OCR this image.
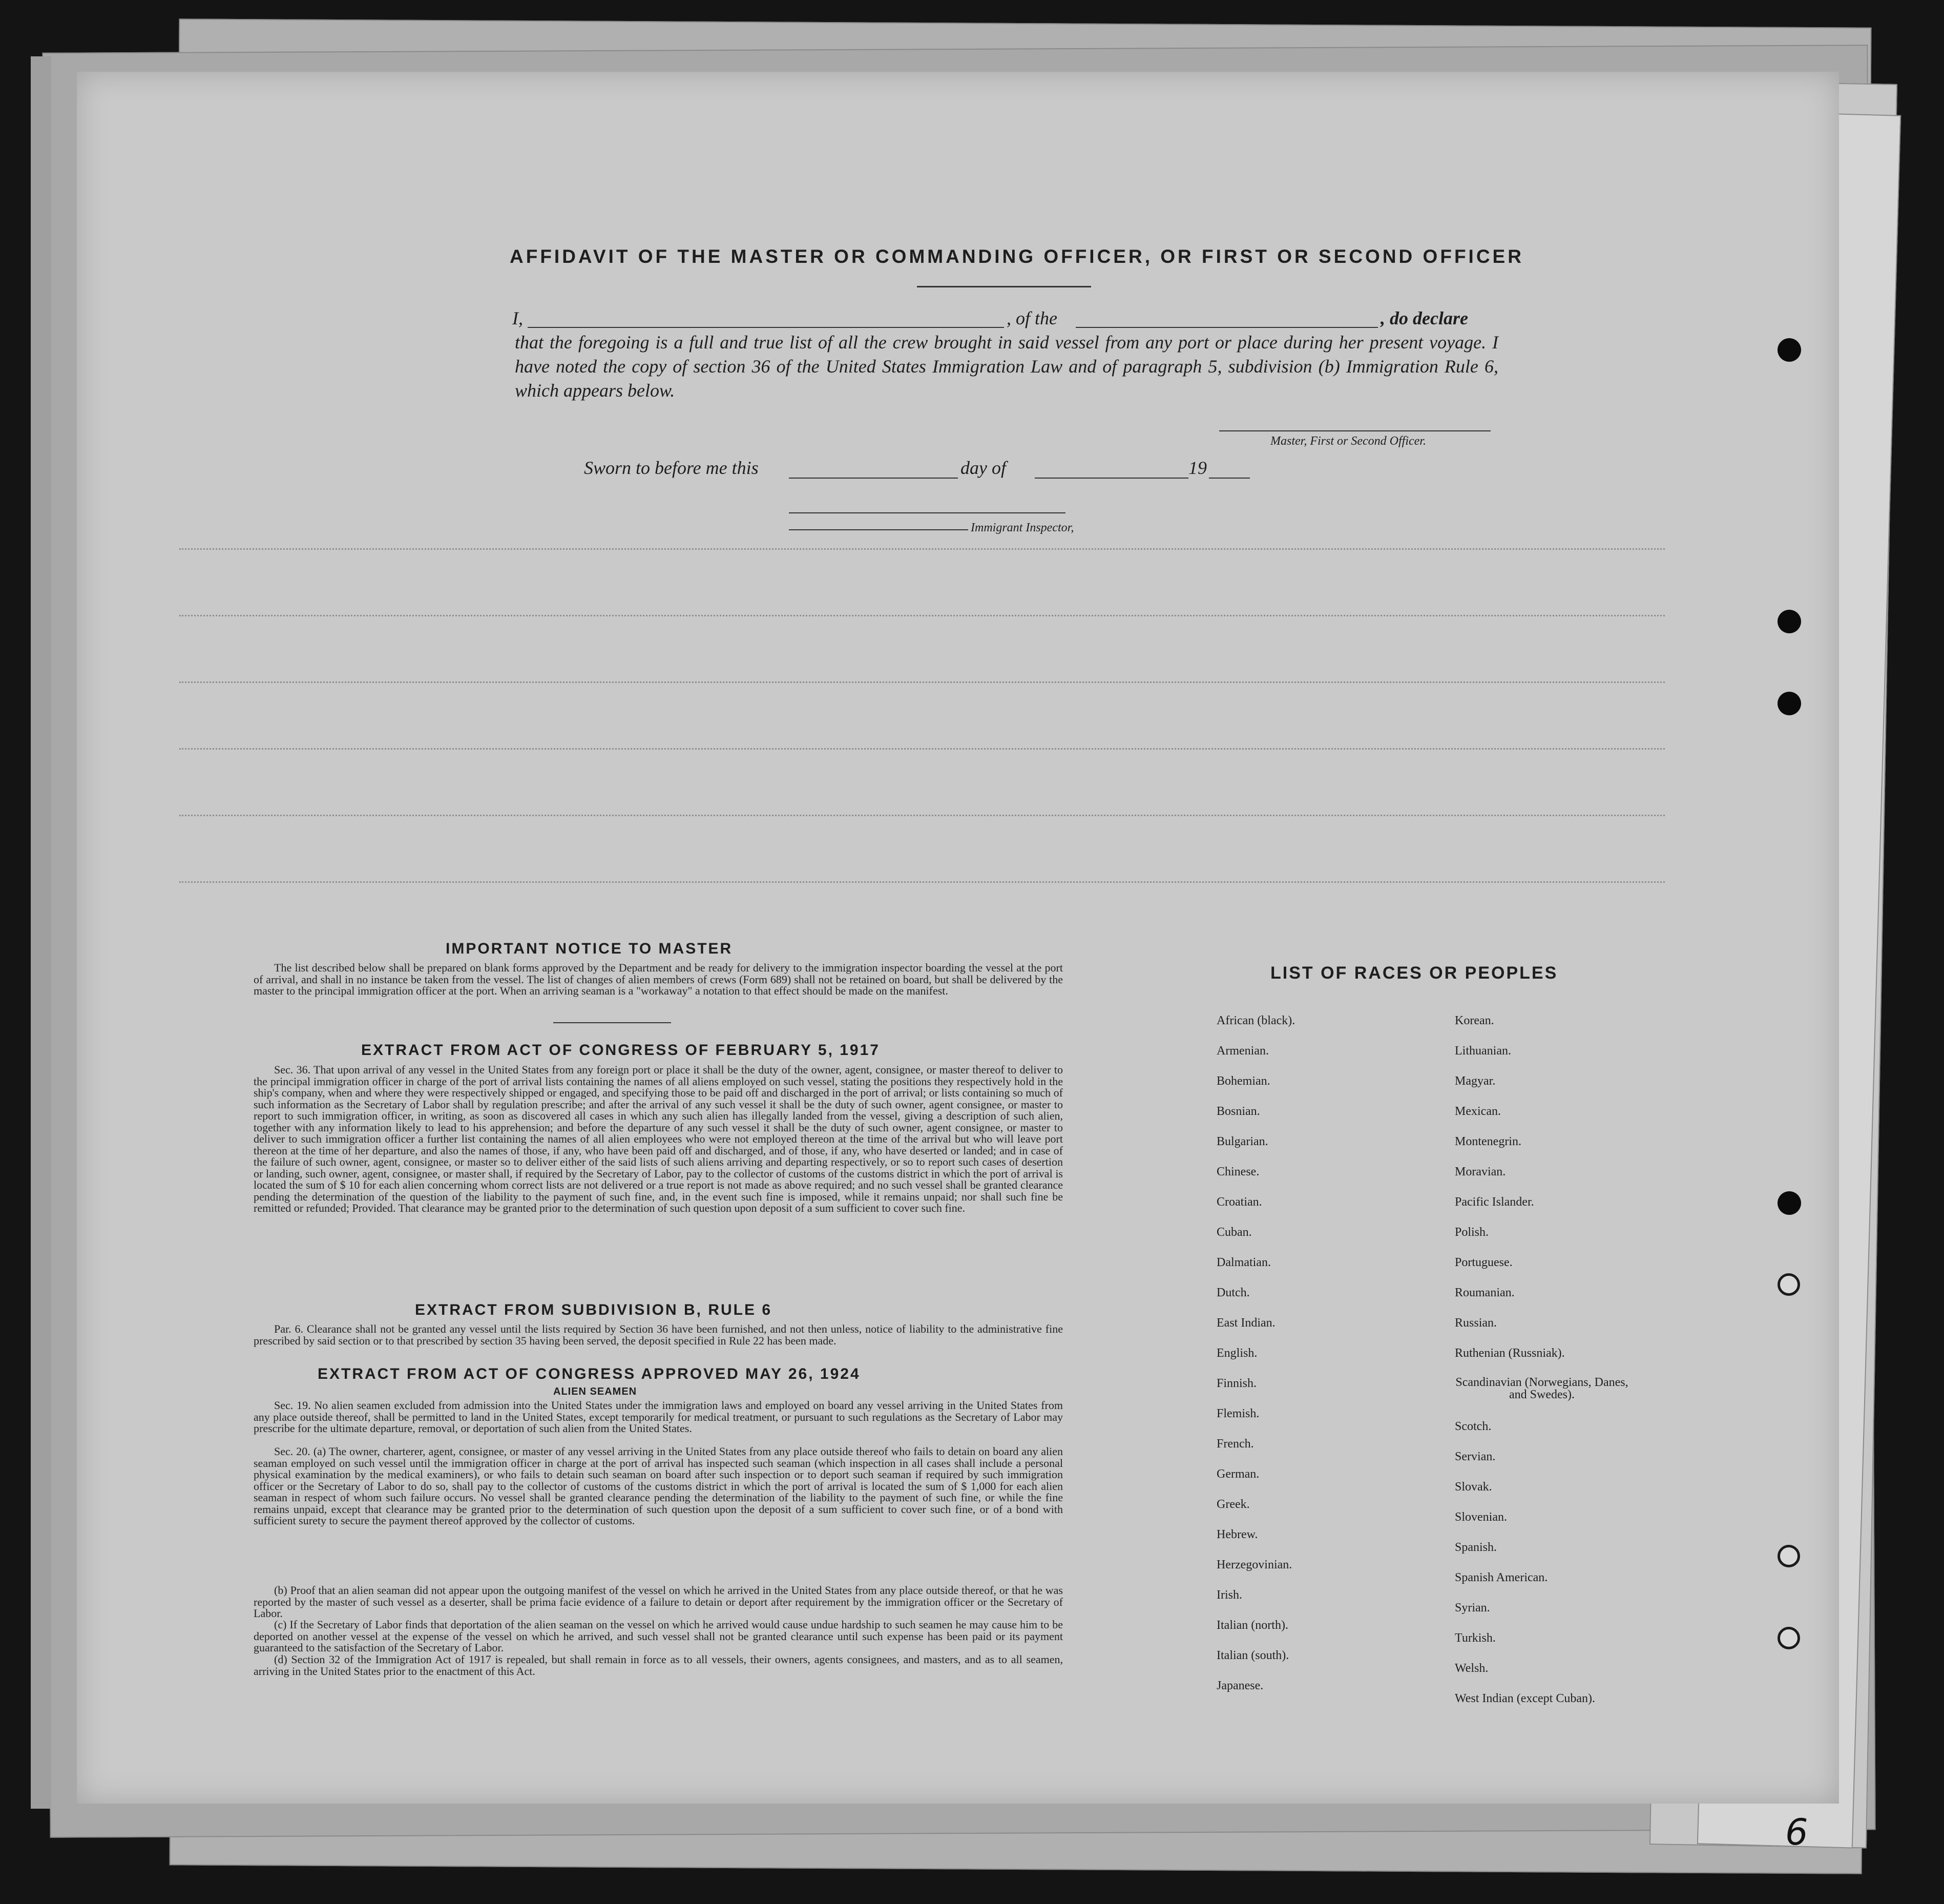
AFFIDAVIT OF THE MASTER OR COMMANDING OFFICER, OR FIRST OR SECOND OFFICER
I,	, of the	, do declare
that the foregoing is a full and true list of all the crew brought in said vessel from any port or place during her present voyage. I have noted the copy of section 36 of the United States Immigration Law and of paragraph 5, subdivision (b) Immigration Rule 6, which appears below.
Master, First or Second Officer.
Sworn to before me this	day of	19
Immigrant Inspector,
IMPORTANT NOTICE TO MASTER
The list described below shall be prepared on blank forms approved by the Department and be ready for delivery to the immigration inspector boarding the vessel at the port of arrival, and shall in no instance be taken from the vessel. The list of changes of alien members of crews (Form 689) shall not be retained on board, but shall be delivered by the master to the principal immigration officer at the port. When an arriving seaman is a "workaway" a notation to that effect should be made on the manifest.
EXTRACT FROM ACT OF CONGRESS OF FEBRUARY 5, 1917
Sec. 36. That upon arrival of any vessel in the United States from any foreign port or place it shall be the duty of the owner, agent, consignee, or master thereof to deliver to the principal immigration officer in charge of the port of arrival lists containing the names of all aliens employed on such vessel, stating the positions they respectively hold in the ship's company, when and where they were respectively shipped or engaged, and specifying those to be paid off and discharged in the port of arrival; or lists containing so much of such information as the Secretary of Labor shall by regulation prescribe; and after the arrival of any such vessel it shall be the duty of such owner, agent consignee, or master to report to such immigration officer, in writing, as soon as discovered all cases in which any such alien has illegally landed from the vessel, giving a description of such alien, together with any information likely to lead to his apprehension; and before the departure of any such vessel it shall be the duty of such owner, agent consignee, or master to deliver to such immigration officer a further list containing the names of all alien employees who were not employed thereon at the time of the arrival but who will leave port thereon at the time of her departure, and also the names of those, if any, who have been paid off and discharged, and of those, if any, who have deserted or landed; and in case of the failure of such owner, agent, consignee, or master so to deliver either of the said lists of such aliens arriving and departing respectively, or so to report such cases of desertion or landing, such owner, agent, consignee, or master shall, if required by the Secretary of Labor, pay to the collector of customs of the customs district in which the port of arrival is located the sum of $ 10 for each alien concerning whom correct lists are not delivered or a true report is not made as above required; and no such vessel shall be granted clearance pending the determination of the question of the liability to the payment of such fine, and, in the event such fine is imposed, while it remains unpaid; nor shall such fine be remitted or refunded; Provided. That clearance may be granted prior to the determination of such question upon deposit of a sum sufficient to cover such fine.
EXTRACT FROM SUBDIVISION B, RULE 6
Par. 6. Clearance shall not be granted any vessel until the lists required by Section 36 have been furnished, and not then unless, notice of liability to the administrative fine prescribed by said section or to that prescribed by section 35 having been served, the deposit specified in Rule 22 has been made.
EXTRACT FROM ACT OF CONGRESS APPROVED MAY 26, 1924
ALIEN SEAMEN
Sec. 19. No alien seamen excluded from admission into the United States under the immigration laws and employed on board any vessel arriving in the United States from any place outside thereof, shall be permitted to land in the United States, except temporarily for medical treatment, or pursuant to such regulations as the Secretary of Labor may prescribe for the ultimate departure, removal, or deportation of such alien from the United States.
Sec. 20. (a) The owner, charterer, agent, consignee, or master of any vessel arriving in the United States from any place outside thereof who fails to detain on board any alien seaman employed on such vessel until the immigration officer in charge at the port of arrival has inspected such seaman (which inspection in all cases shall include a personal physical examination by the medical examiners), or who fails to detain such seaman on board after such inspection or to deport such seaman if required by such immigration officer or the Secretary of Labor to do so, shall pay to the collector of customs of the customs district in which the port of arrival is located the sum of $ 1,000 for each alien seaman in respect of whom such failure occurs. No vessel shall be granted clearance pending the determination of the liability to the payment of such fine, or while the fine remains unpaid, except that clearance may be granted prior to the determination of such question upon the deposit of a sum sufficient to cover such fine, or of a bond with sufficient surety to secure the payment thereof approved by the collector of customs.
(b) Proof that an alien seaman did not appear upon the outgoing manifest of the vessel on which he arrived in the United States from any place outside thereof, or that he was reported by the master of such vessel as a deserter, shall be prima facie evidence of a failure to detain or deport after requirement by the immigration officer or the Secretary of Labor.
(c) If the Secretary of Labor finds that deportation of the alien seaman on the vessel on which he arrived would cause undue hardship to such seamen he may cause him to be deported on another vessel at the expense of the vessel on which he arrived, and such vessel shall not be granted clearance until such expense has been paid or its payment guaranteed to the satisfaction of the Secretary of Labor.
(d) Section 32 of the Immigration Act of 1917 is repealed, but shall remain in force as to all vessels, their owners, agents consignees, and masters, and as to all seamen, arriving in the United States prior to the enactment of this Act.
LIST OF RACES OR PEOPLES
African (black).
Armenian.
Bohemian.
Bosnian.
Bulgarian.
Chinese.
Croatian.
Cuban.
Dalmatian.
Dutch.
East Indian.
English.
Finnish.
Flemish.
French.
German.
Greek.
Hebrew.
Herzegovinian.
Irish.
Italian (north).
Italian (south).
Japanese.
Korean.
Lithuanian.
Magyar.
Mexican.
Montenegrin.
Moravian.
Pacific Islander.
Polish.
Portuguese.
Roumanian.
Russian.
Ruthenian (Russniak).
Scandinavian (Norwegians, Danes, and Swedes).
Scotch.
Servian.
Slovak.
Slovenian.
Spanish.
Spanish American.
Syrian.
Turkish.
Welsh.
West Indian (except Cuban).
6
